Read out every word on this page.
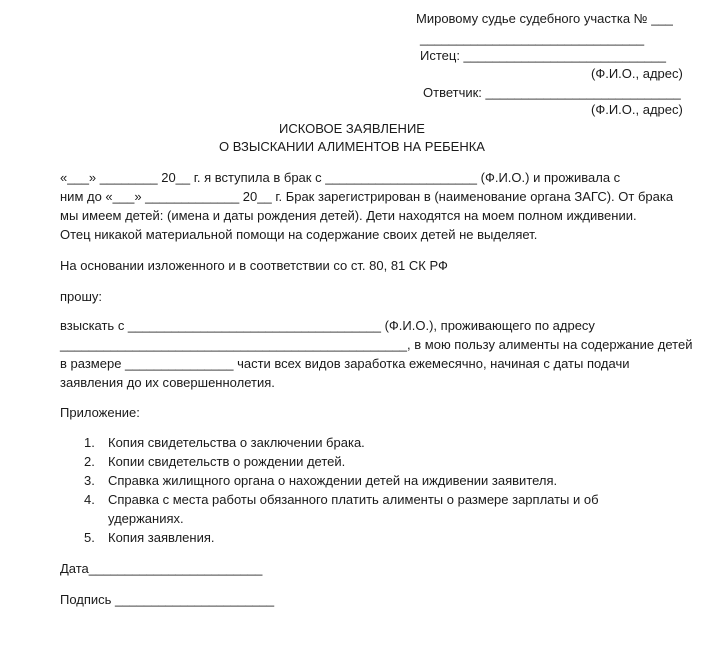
Мировому судье судебного участка № ___
_______________________________
Истец: ____________________________
(Ф.И.О., адрес)
Ответчик: ___________________________
(Ф.И.О., адрес)
ИСКОВОЕ ЗАЯВЛЕНИЕ
О ВЗЫСКАНИИ АЛИМЕНТОВ НА РЕБЕНКА
«___» ________ 20__ г. я вступила в брак с _____________________ (Ф.И.О.) и проживала с
ним до «___» _____________ 20__ г. Брак зарегистрирован в (наименование органа ЗАГС). От брака
мы имеем детей: (имена и даты рождения детей). Дети находятся на моем полном иждивении.
Отец никакой материальной помощи на содержание своих детей не выделяет.
На основании изложенного и в соответствии со ст. 80, 81 СК РФ
прошу:
взыскать с ___________________________________ (Ф.И.О.), проживающего по адресу
________________________________________________, в мою пользу алименты на содержание детей
в размере _______________ части всех видов заработка ежемесячно, начиная с даты подачи
заявления до их совершеннолетия.
Приложение:
1. Копия свидетельства о заключении брака.
2. Копии свидетельств о рождении детей.
3. Справка жилищного органа о нахождении детей на иждивении заявителя.
4. Справка с места работы обязанного платить алименты о размере зарплаты и об
удержаниях.
5. Копия заявления.
Дата________________________
Подпись ______________________
